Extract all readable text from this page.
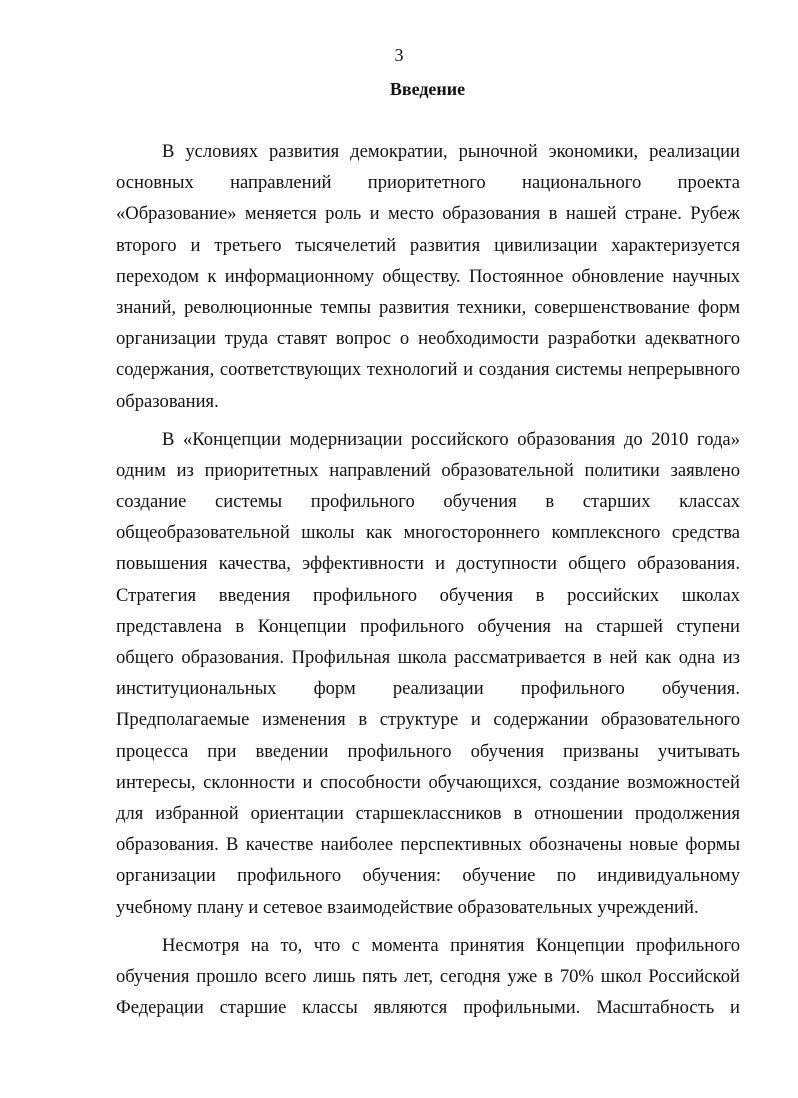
3
Введение
В условиях развития демократии, рыночной экономики, реализации
основных направлений приоритетного национального проекта
«Образование» меняется роль и место образования в нашей стране. Рубеж
второго и третьего тысячелетий развития цивилизации характеризуется
переходом к информационному обществу. Постоянное обновление научных
знаний, революционные темпы развития техники, совершенствование форм
организации труда ставят вопрос о необходимости разработки адекватного
содержания, соответствующих технологий и создания системы непрерывного
образования.
В «Концепции модернизации российского образования до 2010 года»
одним из приоритетных направлений образовательной политики заявлено
создание системы профильного обучения в старших классах
общеобразовательной школы как многостороннего комплексного средства
повышения качества, эффективности и доступности общего образования.
Стратегия введения профильного обучения в российских школах
представлена в Концепции профильного обучения на старшей ступени
общего образования. Профильная школа рассматривается в ней как одна из
институциональных форм реализации профильного обучения.
Предполагаемые изменения в структуре и содержании образовательного
процесса при введении профильного обучения призваны учитывать
интересы, склонности и способности обучающихся, создание возможностей
для избранной ориентации старшеклассников в отношении продолжения
образования. В качестве наиболее перспективных обозначены новые формы
организации профильного обучения: обучение по индивидуальному
учебному плану и сетевое взаимодействие образовательных учреждений.
Несмотря на то, что с момента принятия Концепции профильного
обучения прошло всего лишь пять лет, сегодня уже в 70% школ Российской
Федерации старшие классы являются профильными. Масштабность и
